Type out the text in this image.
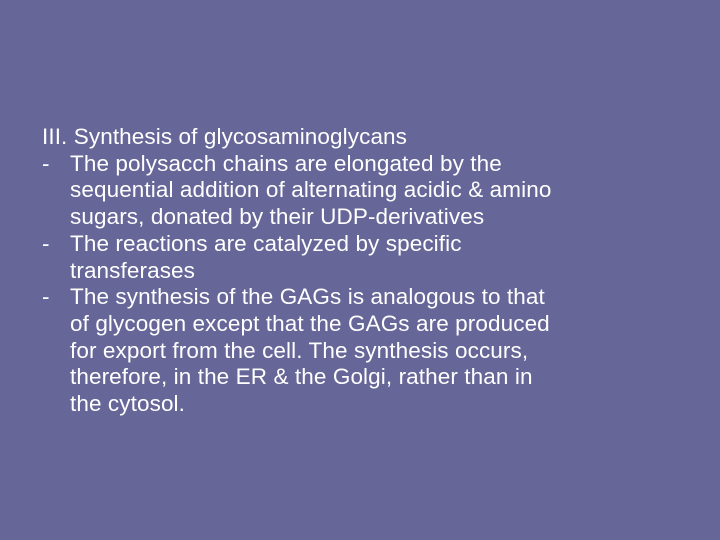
III. Synthesis of glycosaminoglycans

- The polysacch chains are elongated by the
sequential addition of alternating acidic & amino
sugars, donated by their UDP-derivatives
- The reactions are catalyzed by specific
transferases
- The synthesis of the GAGs is analogous to that
of glycogen except that the GAGs are produced
for export from the cell. The synthesis occurs,
therefore, in the ER & the Golgi, rather than in
the cytosol.
